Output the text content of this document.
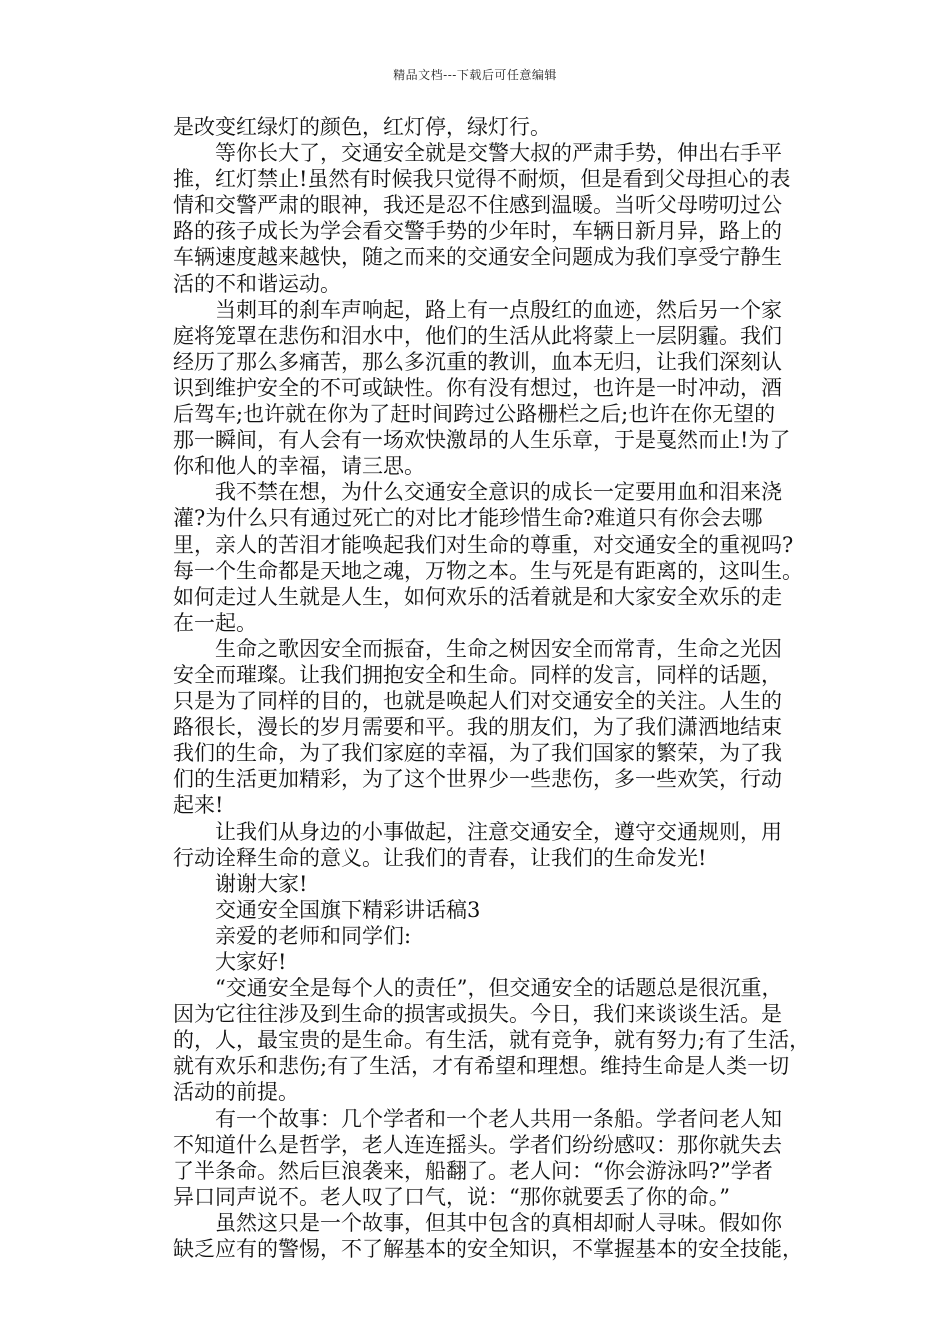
精品文档---下载后可任意编辑
是改变红绿灯的颜色，红灯停，绿灯行。
等你长大了，交通安全就是交警大叔的严肃手势，伸出右手平
推，红灯禁止!虽然有时候我只觉得不耐烦，但是看到父母担心的表
情和交警严肃的眼神，我还是忍不住感到温暖。当听父母唠叨过公
路的孩子成长为学会看交警手势的少年时，车辆日新月异，路上的
车辆速度越来越快，随之而来的交通安全问题成为我们享受宁静生
活的不和谐运动。
当刺耳的刹车声响起，路上有一点殷红的血迹，然后另一个家
庭将笼罩在悲伤和泪水中，他们的生活从此将蒙上一层阴霾。我们
经历了那么多痛苦，那么多沉重的教训，血本无归，让我们深刻认
识到维护安全的不可或缺性。你有没有想过，也许是一时冲动，酒
后驾车;也许就在你为了赶时间跨过公路栅栏之后;也许在你无望的
那一瞬间，有人会有一场欢快激昂的人生乐章，于是戛然而止!为了
你和他人的幸福，请三思。
我不禁在想，为什么交通安全意识的成长一定要用血和泪来浇
灌?为什么只有通过死亡的对比才能珍惜生命?难道只有你会去哪
里，亲人的苦泪才能唤起我们对生命的尊重，对交通安全的重视吗?
每一个生命都是天地之魂，万物之本。生与死是有距离的，这叫生。
如何走过人生就是人生，如何欢乐的活着就是和大家安全欢乐的走
在一起。
生命之歌因安全而振奋，生命之树因安全而常青，生命之光因
安全而璀璨。让我们拥抱安全和生命。同样的发言，同样的话题，
只是为了同样的目的，也就是唤起人们对交通安全的关注。人生的
路很长，漫长的岁月需要和平。我的朋友们，为了我们潇洒地结束
我们的生命，为了我们家庭的幸福，为了我们国家的繁荣，为了我
们的生活更加精彩，为了这个世界少一些悲伤，多一些欢笑，行动
起来!
让我们从身边的小事做起，注意交通安全，遵守交通规则，用
行动诠释生命的意义。让我们的青春，让我们的生命发光!
谢谢大家!
交通安全国旗下精彩讲话稿3
亲爱的老师和同学们:
大家好!
“交通安全是每个人的责任”，但交通安全的话题总是很沉重，
因为它往往涉及到生命的损害或损失。今日，我们来谈谈生活。是
的，人，最宝贵的是生命。有生活，就有竞争，就有努力;有了生活，
就有欢乐和悲伤;有了生活，才有希望和理想。维持生命是人类一切
活动的前提。
有一个故事：几个学者和一个老人共用一条船。学者问老人知
不知道什么是哲学，老人连连摇头。学者们纷纷感叹：那你就失去
了半条命。然后巨浪袭来，船翻了。老人问：“你会游泳吗?”学者
异口同声说不。老人叹了口气，说：“那你就要丢了你的命。”
虽然这只是一个故事，但其中包含的真相却耐人寻味。假如你
缺乏应有的警惕，不了解基本的安全知识，不掌握基本的安全技能，
